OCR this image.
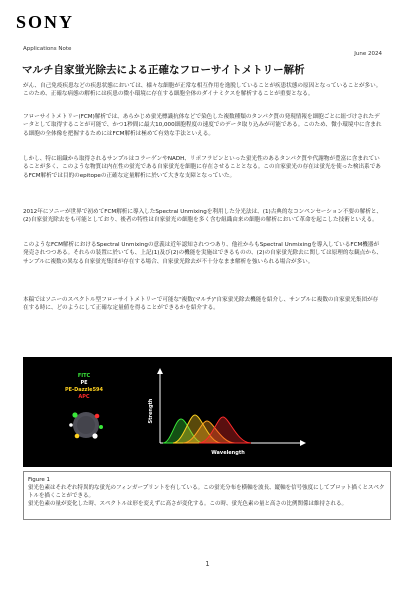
SONY
Applications Note
June 2024
マルチ自家蛍光除去による正確なフローサイトメトリー解析

がん、自己免疫疾患などの疾患状態においては、様々な細胞が正常な相互作用を逸脱していることが疾患状態の原因となっていることが多い。このため、正確な病態の解析には疾患の微小環境に存在する細胞全体のダイナミクスを解析することが重要となる。

フローサイトメトリー(FCM)解析では、あらかじめ蛍光標識抗体などで染色した複数種類のタンパク質の発現情報を細胞ごとに紐づけされたデータとして取得することが可能で、かつ1秒間に最大10,000細胞程度の速度でのデータ取り込みが可能である。このため、微小環境中に含まれる細胞の全体像を把握するためにはFCM解析は極めて有効な手法といえる。

しかし、特に組織から取得されるサンプルはコラーゲンやNADH、リポフラビンといった蛍光性のあるタンパク質や代謝物が豊富に含まれていることが多く、このような物質は内在性の蛍光である自家蛍光を細胞に存在させることとなる。この自家蛍光の存在は蛍光を使った検出系であるFCM解析では目的のepitopeの正確な定量解析に於いて大きな支障となっていた。

2012年にソニーが世界で初めてFCM解析に導入したSpectral Unmixingを利用した分光法は、(1)古典的なコンペンセーション不要の解析と、(2)自家蛍光除去をも可能としており、後者の特性は自家蛍光の細胞を多く含む組織由来の細胞の解析において革命を起こした技術といえる。

このようなFCM解析におけるSpectral Unmixingの意義は近年認知されつつあり、他社からもSpectral Unmixingを導入しているFCM機器が発売されつつある。それらの装置に於いても、上記(1)及び(2)の機能を実施はできるものの、(2)の自家蛍光除去に関しては原理的な観点から、サンプルに複数の異なる自家蛍光集団が存在する場合、自家蛍光除去が不十分なまま解析を強いられる場合が多い。

本稿ではソニーのスペクトル型フローサイトメトリーで可能な"複数(マルチ)"自家蛍光除去機能を紹介し、サンプルに複数の自家蛍光集団が存在する時に、どのようにして正確な定量値を得ることができるかを紹介する。

FITC
PE
PE-Dazzle594
APC
Strength
Wavelength
Figure 1
蛍光色素はそれぞれ特異的な蛍光のフィンガープリントを有している。この蛍光分布を横軸を波長、縦軸を信号強度にしてプロット描くとスペクトルを描くことができる。
蛍光色素の量が変化した時、スペクトルは形を変えずに高さが変化する。この時、蛍光色素の量と高さの比例関係は維持される。
1
